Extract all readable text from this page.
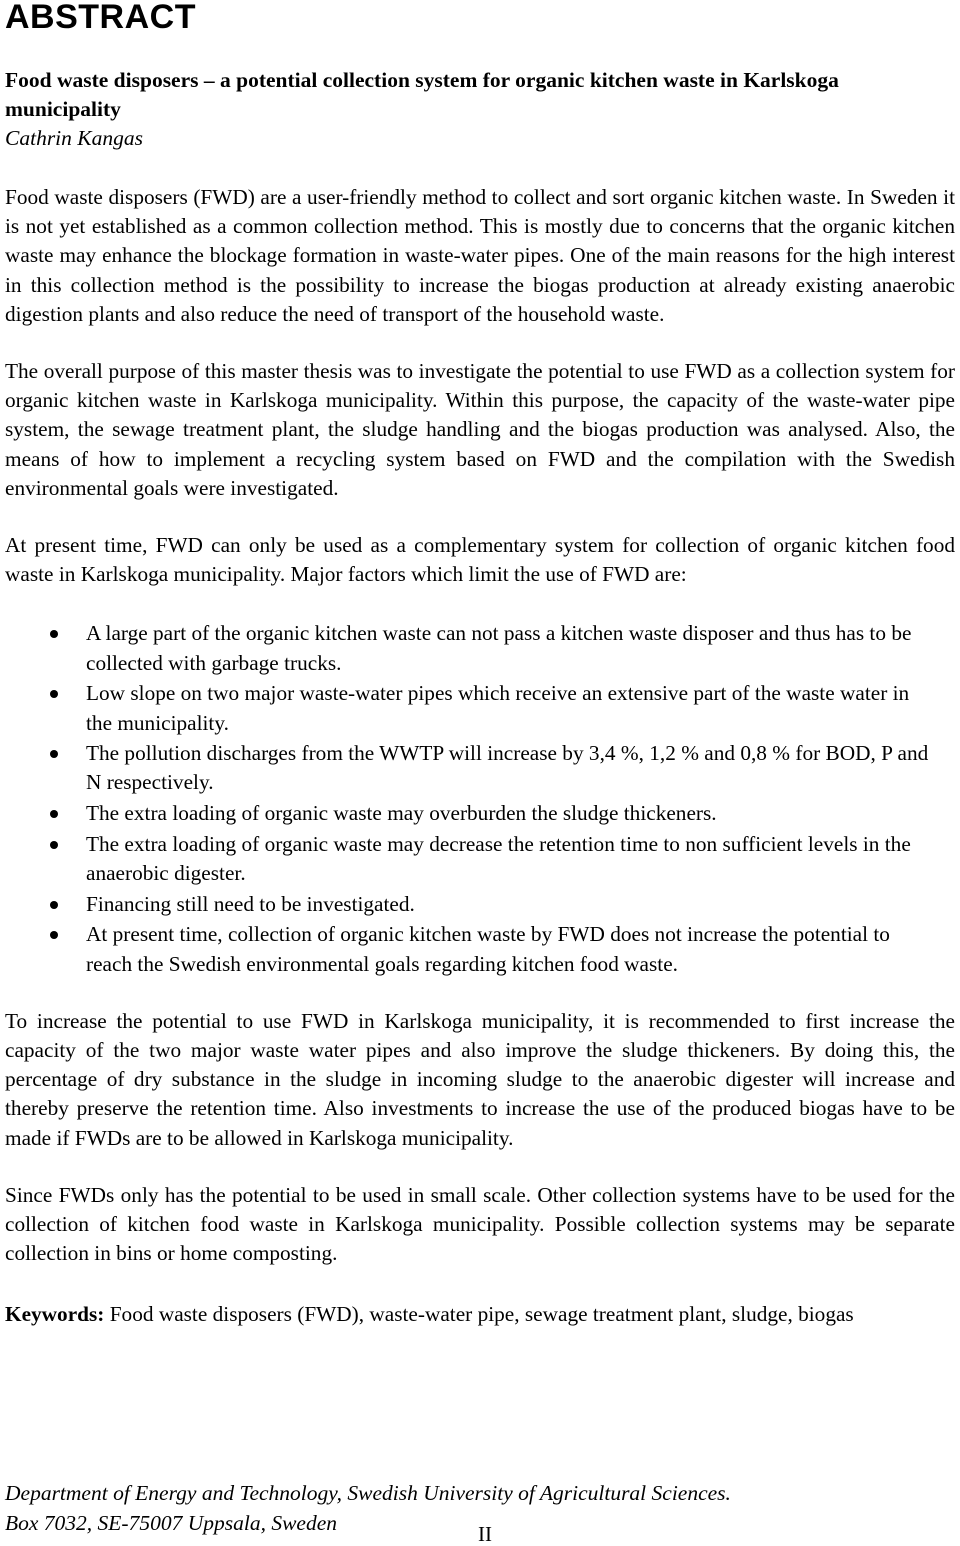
ABSTRACT
Food waste disposers – a potential collection system for organic kitchen waste in Karlskoga municipality
Cathrin Kangas

Food waste disposers (FWD) are a user-friendly method to collect and sort organic kitchen waste. In Sweden it is not yet established as a common collection method. This is mostly due to concerns that the organic kitchen waste may enhance the blockage formation in waste-water pipes. One of the main reasons for the high interest in this collection method is the possibility to increase the biogas production at already existing anaerobic digestion plants and also reduce the need of transport of the household waste.

The overall purpose of this master thesis was to investigate the potential to use FWD as a collection system for organic kitchen waste in Karlskoga municipality. Within this purpose, the capacity of the waste-water pipe system, the sewage treatment plant, the sludge handling and the biogas production was analysed. Also, the means of how to implement a recycling system based on FWD and the compilation with the Swedish environmental goals were investigated.

At present time, FWD can only be used as a complementary system for collection of organic kitchen food waste in Karlskoga municipality. Major factors which limit the use of FWD are:

A large part of the organic kitchen waste can not pass a kitchen waste disposer and thus has to be collected with garbage trucks.
Low slope on two major waste-water pipes which receive an extensive part of the waste water in the municipality.
The pollution discharges from the WWTP will increase by 3,4 %, 1,2 % and 0,8 % for BOD, P and N respectively.
The extra loading of organic waste may overburden the sludge thickeners.
The extra loading of organic waste may decrease the retention time to non sufficient levels in the anaerobic digester.
Financing still need to be investigated.
At present time, collection of organic kitchen waste by FWD does not increase the potential to reach the Swedish environmental goals regarding kitchen food waste.

To increase the potential to use FWD in Karlskoga municipality, it is recommended to first increase the capacity of the two major waste water pipes and also improve the sludge thickeners. By doing this, the percentage of dry substance in the sludge in incoming sludge to the anaerobic digester will increase and thereby preserve the retention time. Also investments to increase the use of the produced biogas have to be made if FWDs are to be allowed in Karlskoga municipality.

Since FWDs only has the potential to be used in small scale. Other collection systems have to be used for the collection of kitchen food waste in Karlskoga municipality. Possible collection systems may be separate collection in bins or home composting.

Keywords: Food waste disposers (FWD), waste-water pipe, sewage treatment plant, sludge, biogas
Department of Energy and Technology, Swedish University of Agricultural Sciences.
Box 7032, SE-75007 Uppsala, Sweden	II
